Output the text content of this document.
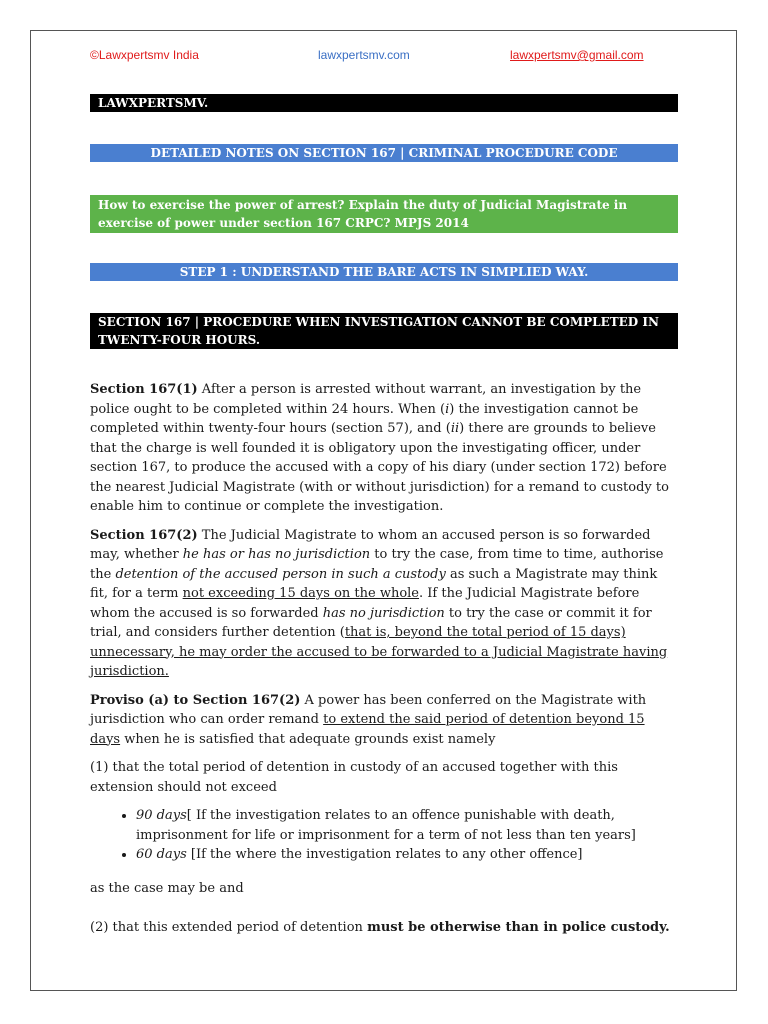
©Lawxpertsmv India	lawxpertsmv.com	lawxpertsmv@gmail.com
LAWXPERTSMV.
DETAILED NOTES ON SECTION 167 | CRIMINAL PROCEDURE CODE
How to exercise the power of arrest? Explain the duty of Judicial Magistrate in exercise of power under section 167 CRPC? MPJS 2014
STEP 1 : UNDERSTAND THE BARE ACTS IN SIMPLIED WAY.
SECTION 167 | PROCEDURE WHEN INVESTIGATION CANNOT BE COMPLETED IN TWENTY-FOUR HOURS.

Section 167(1) After a person is arrested without warrant, an investigation by the police ought to be completed within 24 hours. When (i) the investigation cannot be completed within twenty-four hours (section 57), and (ii) there are grounds to believe that the charge is well founded it is obligatory upon the investigating officer, under section 167, to produce the accused with a copy of his diary (under section 172) before the nearest Judicial Magistrate (with or without jurisdiction) for a remand to custody to enable him to continue or complete the investigation.

Section 167(2) The Judicial Magistrate to whom an accused person is so forwarded may, whether he has or has no jurisdiction to try the case, from time to time, authorise the detention of the accused person in such a custody as such a Magistrate may think fit, for a term not exceeding 15 days on the whole. If the Judicial Magistrate before whom the accused is so forwarded has no jurisdiction to try the case or commit it for trial, and considers further detention (that is, beyond the total period of 15 days) unnecessary, he may order the accused to be forwarded to a Judicial Magistrate having jurisdiction.

Proviso (a) to Section 167(2) A power has been conferred on the Magistrate with jurisdiction who can order remand to extend the said period of detention beyond 15 days when he is satisfied that adequate grounds exist namely

(1) that the total period of detention in custody of an accused together with this extension should not exceed

• 90 days[ If the investigation relates to an offence punishable with death, imprisonment for life or imprisonment for a term of not less than ten years]
• 60 days [If the where the investigation relates to any other offence]

as the case may be and

(2) that this extended period of detention must be otherwise than in police custody.
